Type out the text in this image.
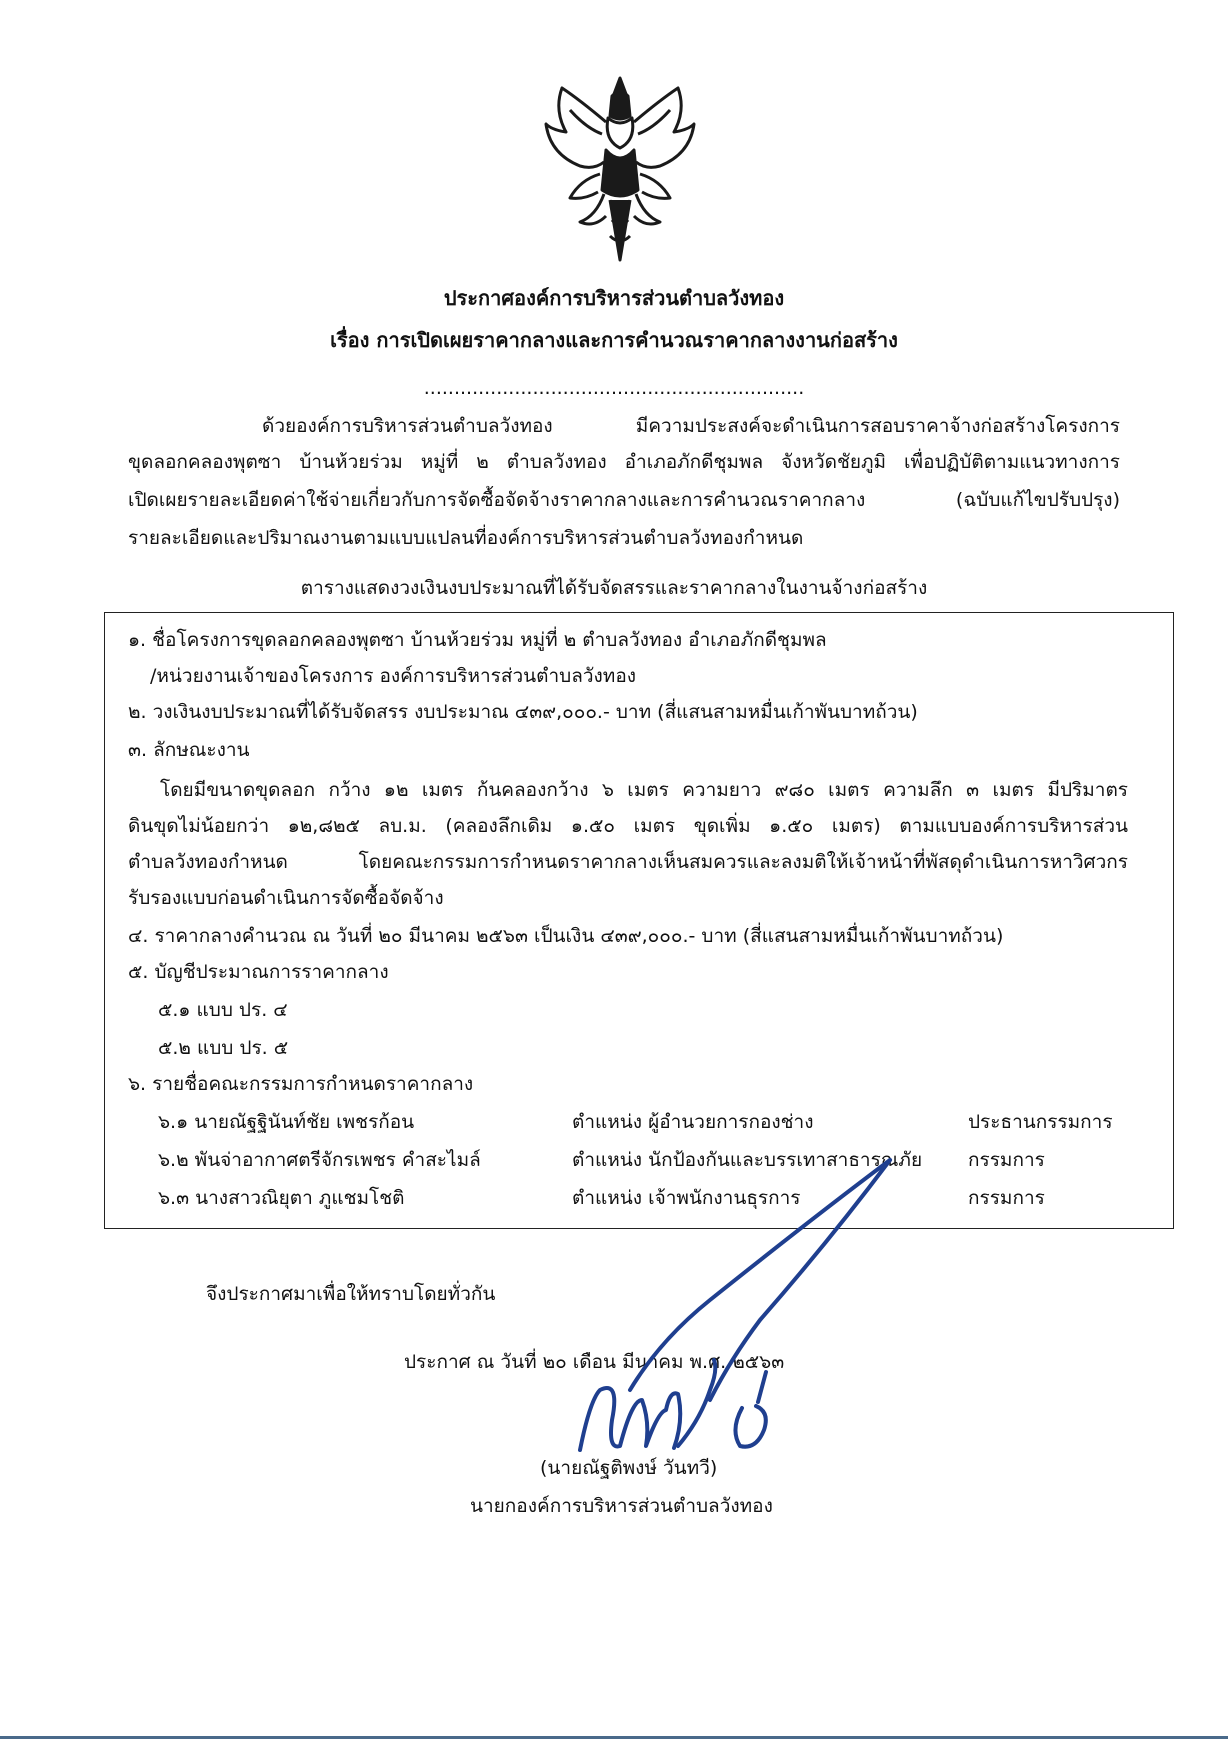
ประกาศองค์การบริหารส่วนตำบลวังทอง
เรื่อง การเปิดเผยราคากลางและการคำนวณราคากลางงานก่อสร้าง
...............................................................
ด้วยองค์การบริหารส่วนตำบลวังทอง มีความประสงค์จะดำเนินการสอบราคาจ้างก่อสร้างโครงการ
ขุดลอกคลองพุตซา บ้านห้วยร่วม หมู่ที่ ๒ ตำบลวังทอง อำเภอภักดีชุมพล จังหวัดชัยภูมิ เพื่อปฏิบัติตามแนวทางการ
เปิดเผยรายละเอียดค่าใช้จ่ายเกี่ยวกับการจัดซื้อจัดจ้างราคากลางและการคำนวณราคากลาง (ฉบับแก้ไขปรับปรุง)
รายละเอียดและปริมาณงานตามแบบแปลนที่องค์การบริหารส่วนตำบลวังทองกำหนด
ตารางแสดงวงเงินงบประมาณที่ได้รับจัดสรรและราคากลางในงานจ้างก่อสร้าง
๑. ชื่อโครงการขุดลอกคลองพุตซา บ้านห้วยร่วม หมู่ที่ ๒ ตำบลวังทอง อำเภอภักดีชุมพล
/หน่วยงานเจ้าของโครงการ องค์การบริหารส่วนตำบลวังทอง
๒. วงเงินงบประมาณที่ได้รับจัดสรร งบประมาณ ๔๓๙,๐๐๐.- บาท (สี่แสนสามหมื่นเก้าพันบาทถ้วน)
๓. ลักษณะงาน
โดยมีขนาดขุดลอก กว้าง ๑๒ เมตร ก้นคลองกว้าง ๖ เมตร ความยาว ๙๘๐ เมตร ความลึก ๓ เมตร มีปริมาตร
ดินขุดไม่น้อยกว่า ๑๒,๘๒๕ ลบ.ม. (คลองลึกเดิม ๑.๕๐ เมตร ขุดเพิ่ม ๑.๕๐ เมตร) ตามแบบองค์การบริหารส่วน
ตำบลวังทองกำหนด โดยคณะกรรมการกำหนดราคากลางเห็นสมควรและลงมติให้เจ้าหน้าที่พัสดุดำเนินการหาวิศวกร
รับรองแบบก่อนดำเนินการจัดซื้อจัดจ้าง
๔. ราคากลางคำนวณ ณ วันที่ ๒๐ มีนาคม ๒๕๖๓ เป็นเงิน ๔๓๙,๐๐๐.- บาท (สี่แสนสามหมื่นเก้าพันบาทถ้วน)
๕. บัญชีประมาณการราคากลาง
๕.๑ แบบ ปร. ๔
๕.๒ แบบ ปร. ๕
๖. รายชื่อคณะกรรมการกำหนดราคากลาง
๖.๑ นายณัฐฐินันท์ชัย เพชรก้อน	ตำแหน่ง ผู้อำนวยการกองช่าง	ประธานกรรมการ
๖.๒ พันจ่าอากาศตรีจักรเพชร คำสะไมล์	ตำแหน่ง นักป้องกันและบรรเทาสาธารณภัย กรรมการ
๖.๓ นางสาวณิยุตา ภูแชมโชติ	ตำแหน่ง เจ้าพนักงานธุรการ	กรรมการ
จึงประกาศมาเพื่อให้ทราบโดยทั่วกัน
ประกาศ ณ วันที่ ๒๐ เดือน มีนาคม พ.ศ. ๒๕๖๓
(นายณัฐติพงษ์ วันทวี)
นายกองค์การบริหารส่วนตำบลวังทอง
